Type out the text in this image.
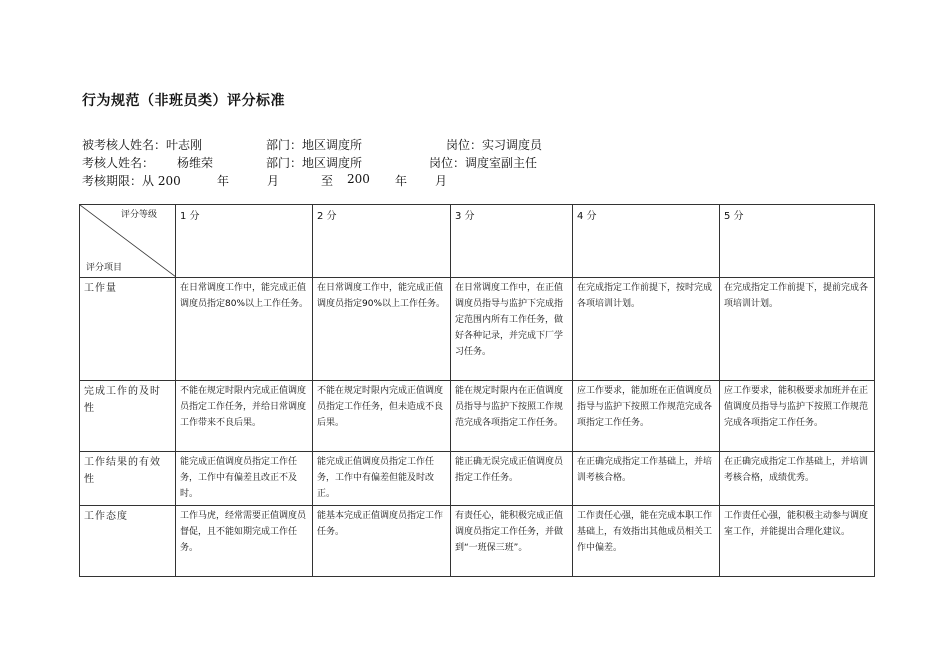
行为规范（非班员类）评分标准

被考核人姓名：叶志刚

	部门：地区调度所

	岗位：实习调度员

考核人姓名：

杨维荣

	部门：地区调度所

	岗位：调度室副主任

考核期限：从 200

	年

	月

	至

200

年

月

评分等级
评分项目	1 分	2 分	3 分	4 分	5 分
工作量	在日常调度工作中，能完成正值调度员指定80%以上工作任务。	在日常调度工作中，能完成正值调度员指定90%以上工作任务。	在日常调度工作中，在正值调度员指导与监护下完成指定范围内所有工作任务，做好各种记录，并完成下厂学习任务。	在完成指定工作前提下，按时完成各项培训计划。	在完成指定工作前提下，提前完成各项培训计划。
完成工作的及时性	不能在规定时限内完成正值调度员指定工作任务，并给日常调度工作带来不良后果。	不能在规定时限内完成正值调度员指定工作任务，但未造成不良后果。	能在规定时限内在正值调度员指导与监护下按照工作规范完成各项指定工作任务。	应工作要求，能加班在正值调度员指导与监护下按照工作规范完成各项指定工作任务。	应工作要求，能积极要求加班并在正值调度员指导与监护下按照工作规范完成各项指定工作任务。
工作结果的有效性	能完成正值调度员指定工作任务，工作中有偏差且改正不及时。	能完成正值调度员指定工作任务，工作中有偏差但能及时改正。	能正确无误完成正值调度员指定工作任务。	在正确完成指定工作基础上，并培训考核合格。	在正确完成指定工作基础上，并培训考核合格，成绩优秀。
工作态度	工作马虎，经常需要正值调度员督促，且不能如期完成工作任务。	能基本完成正值调度员指定工作任务。	有责任心，能积极完成正值调度员指定工作任务，并做到“一班保三班”。	工作责任心强，能在完成本职工作基础上，有效指出其他成员相关工作中偏差。	工作责任心强，能积极主动参与调度室工作，并能提出合理化建议。
